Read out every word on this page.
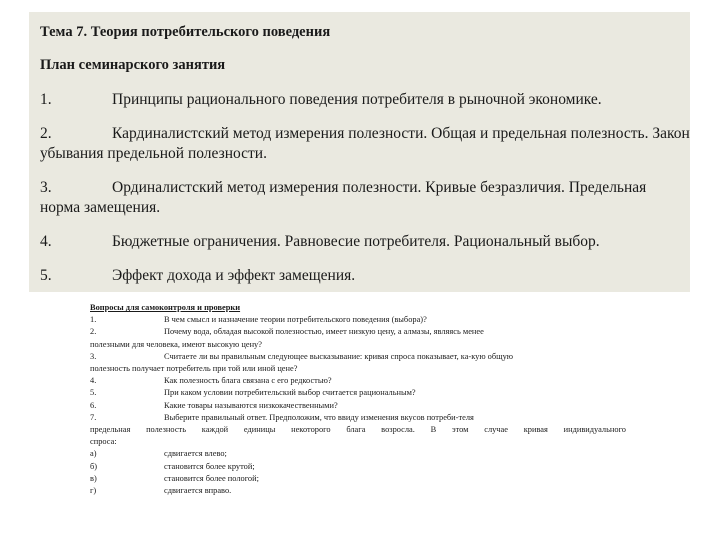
Тема 7. Теория потребительского поведения
План семинарского занятия
1.	Принципы рационального поведения потребителя в рыночной экономике.
2.	Кардиналистский метод измерения полезности. Общая и предельная полезность. Закон убывания предельной полезности.
3.	Ординалистский метод измерения полезности. Кривые безразличия. Предельная норма замещения.
4.	Бюджетные ограничения. Равновесие потребителя. Рациональный выбор.
5.	Эффект дохода и эффект замещения.
Вопросы для самоконтроля и проверки
1.	В чем смысл и назначение теории потребительского поведения (выбора)?
2.	Почему вода, обладая высокой полезностью, имеет низкую цену, а алмазы, являясь менее
полезными для человека, имеют высокую цену?
3.	Считаете ли вы правильным следующее высказывание: кривая спроса показывает, ка-кую общую
полезность получает потребитель при той или иной цене?
4.	Как полезность блага связана с его редкостью?
5.	При каком условии потребительский выбор считается рациональным?
6.	Какие товары называются низкокачественными?
7.	Выберите правильный ответ. Предположим, что ввиду изменения вкусов потреби-теля
предельная полезность каждой единицы некоторого блага возросла. В этом случае кривая индивидуального
спроса:
а)	сдвигается влево;
б)	становится более крутой;
в)	становится более пологой;
г)	сдвигается вправо.
